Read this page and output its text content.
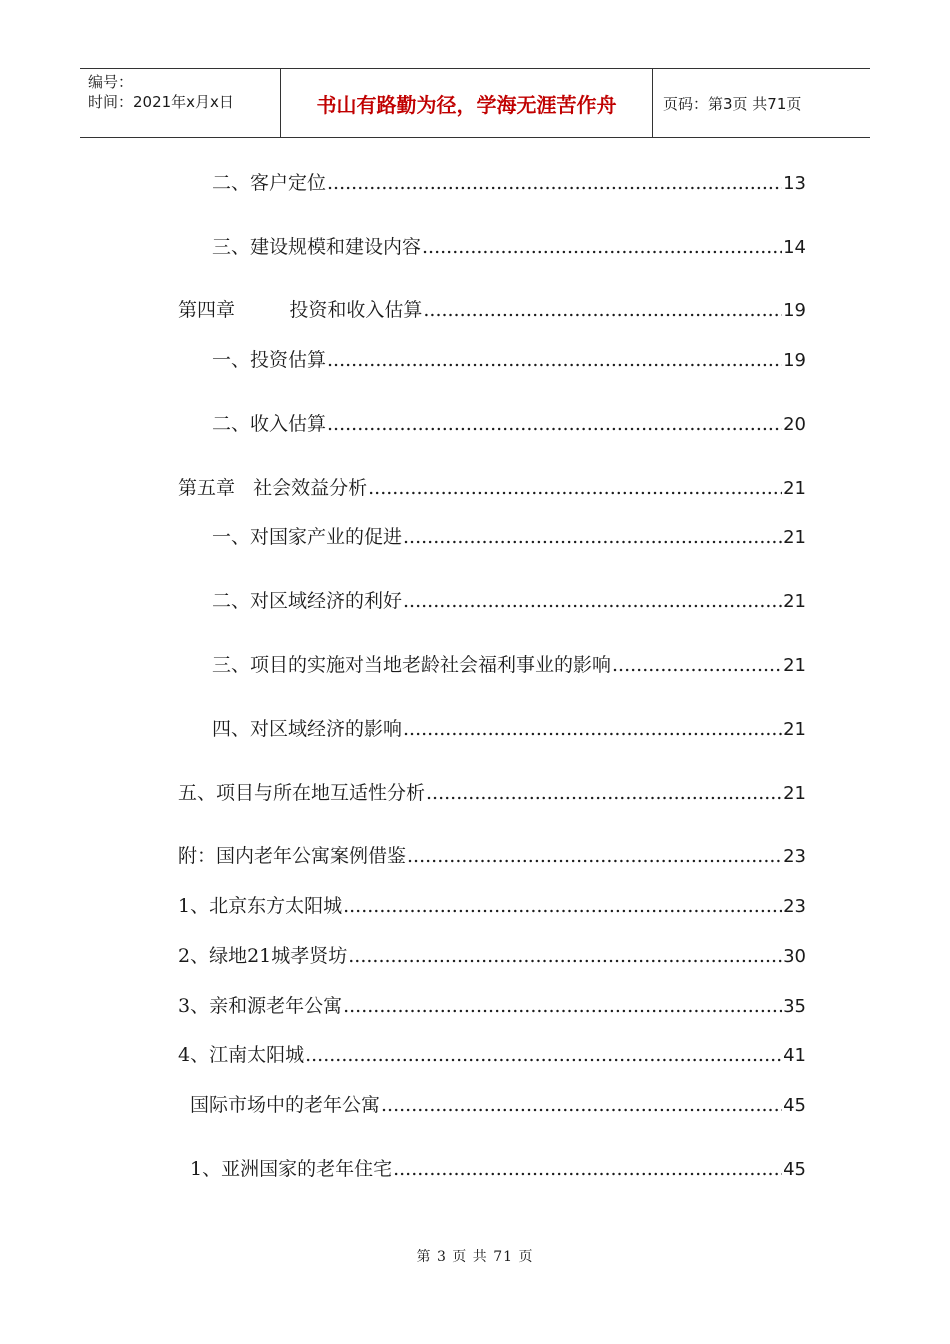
编号：
时间：2021年x月x日	书山有路勤为径，学海无涯苦作舟	页码：第3页 共71页
二、客户定位 .....	13
三、建设规模和建设内容 .....	14
第四章         投资和收入估算 .....	19
一、投资估算 .....	19
二、收入估算 .....	20
第五章   社会效益分析 .....	21
一、对国家产业的促进 .....	21
二、对区域经济的利好 .....	21
三、项目的实施对当地老龄社会福利事业的影响 .....	21
四、对区域经济的影响 .....	21
五、项目与所在地互适性分析 .....	21
附：国内老年公寓案例借鉴 .....	23
1、北京东方太阳城 .....	23
2、绿地21城孝贤坊 .....	30
3、亲和源老年公寓 .....	35
4、江南太阳城 .....	41
国际市场中的老年公寓 .....	45
1、亚洲国家的老年住宅 .....	45
第 3 页 共 71 页
